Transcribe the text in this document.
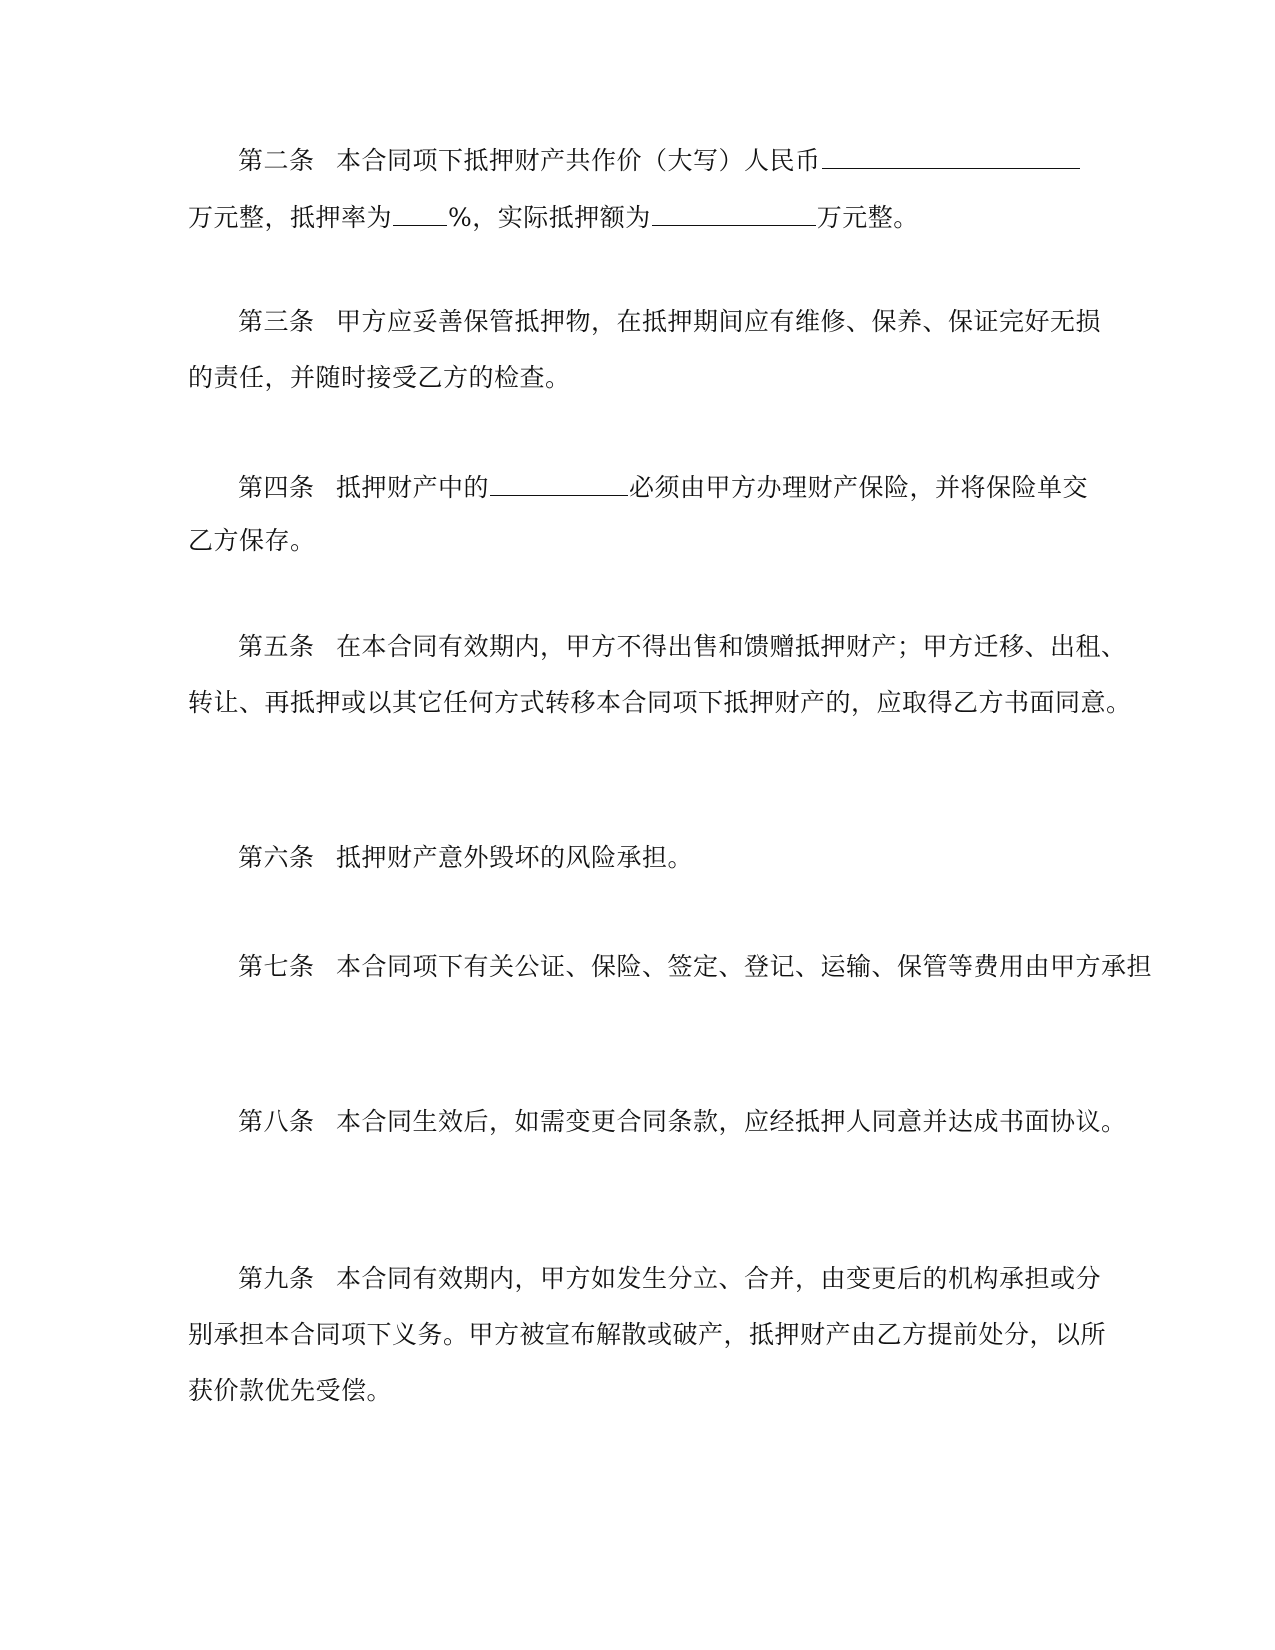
第二条 本合同项下抵押财产共作价（大写）人民币
万元整，抵押率为 %，实际抵押额为	万元整。
第三条 甲方应妥善保管抵押物，在抵押期间应有维修、保养、保证完好无损
的责任，并随时接受乙方的检查。
第四条 抵押财产中的	必须由甲方办理财产保险，并将保险单交
乙方保存。
第五条 在本合同有效期内，甲方不得出售和馈赠抵押财产；甲方迁移、出租、
转让、再抵押或以其它任何方式转移本合同项下抵押财产的，应取得乙方书面同意。
第六条 抵押财产意外毁坏的风险承担。
第七条 本合同项下有关公证、保险、签定、登记、运输、保管等费用由甲方承担
第八条 本合同生效后，如需变更合同条款，应经抵押人同意并达成书面协议。
第九条 本合同有效期内，甲方如发生分立、合并，由变更后的机构承担或分
别承担本合同项下义务。甲方被宣布解散或破产，抵押财产由乙方提前处分，以所
获价款优先受偿。
